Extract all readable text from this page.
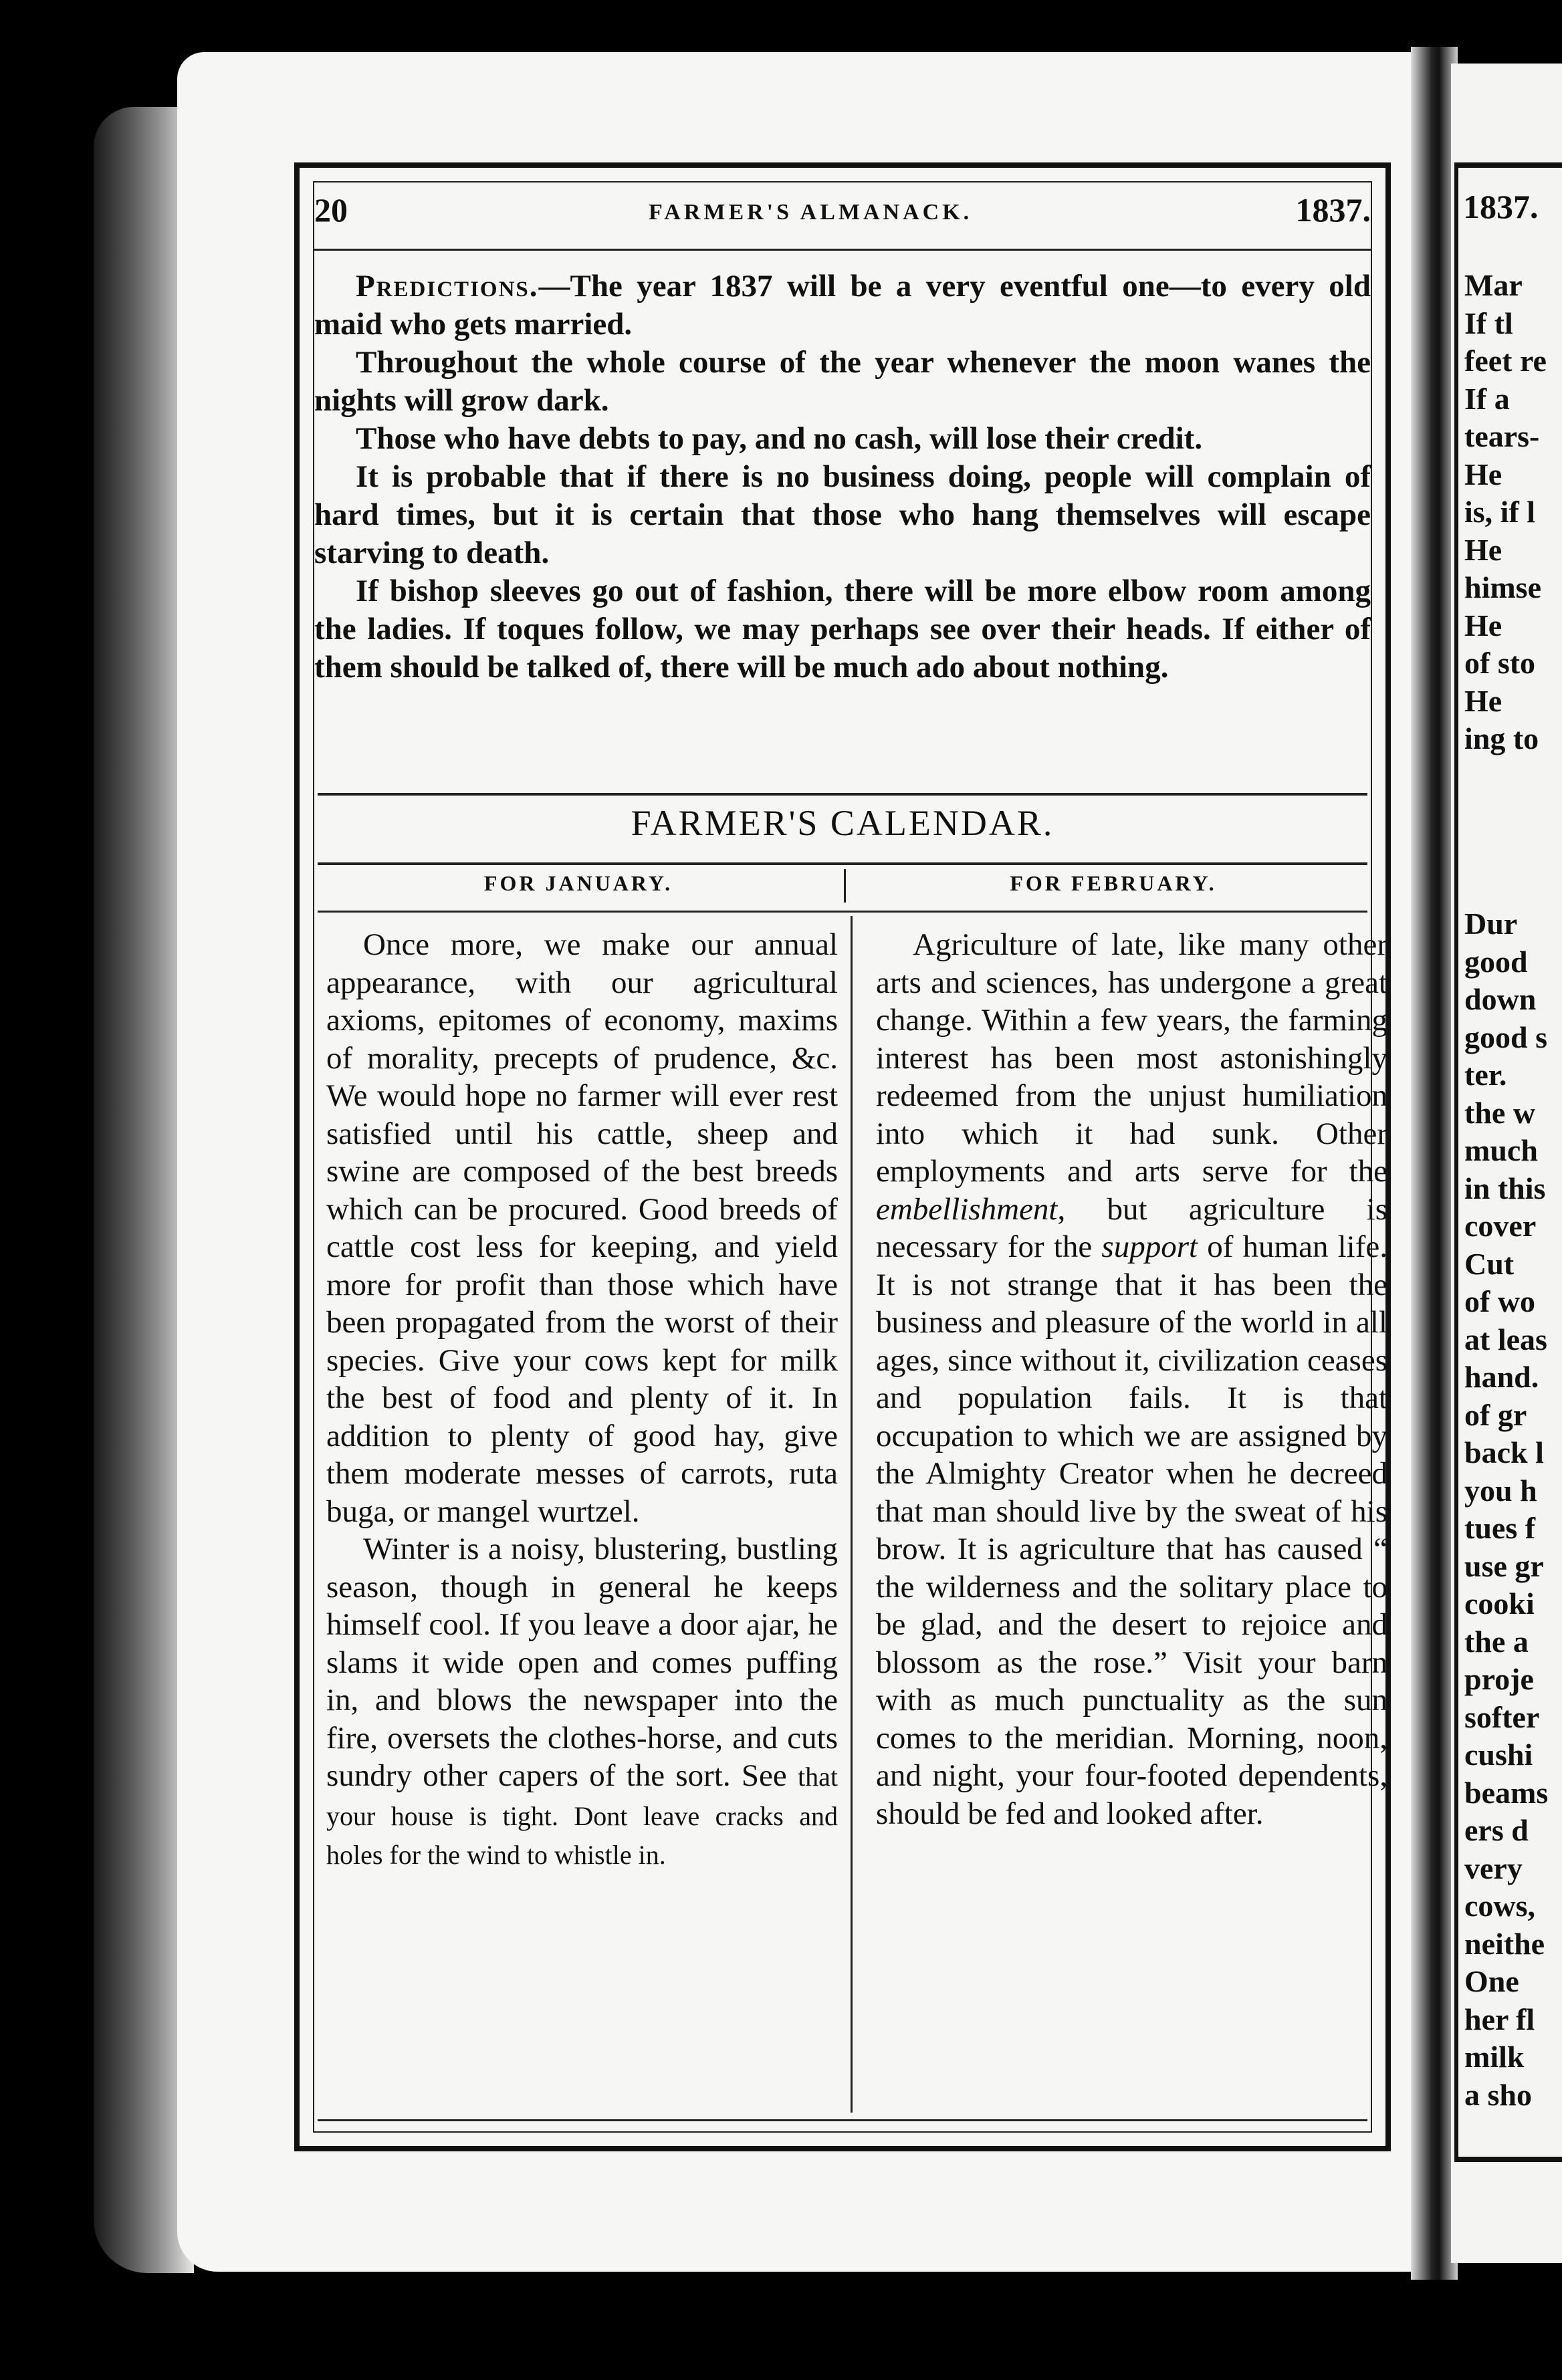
20	FARMER'S ALMANACK.	1837.

Predictions.—The year 1837 will be a very eventful one—to every old maid who gets married.

Throughout the whole course of the year whenever the moon wanes the nights will grow dark.

Those who have debts to pay, and no cash, will lose their credit.

It is probable that if there is no business doing, people will complain of hard times, but it is certain that those who hang themselves will escape starving to death.

If bishop sleeves go out of fashion, there will be more elbow room among the ladies. If toques follow, we may perhaps see over their heads. If either of them should be talked of, there will be much ado about nothing.

FARMER'S CALENDAR.
FOR JANUARY.	FOR FEBRUARY.

Once more, we make our annual appearance, with our agricultural axioms, epitomes of economy, maxims of morality, precepts of prudence, &c. We would hope no farmer will ever rest satisfied until his cattle, sheep and swine are composed of the best breeds which can be procured. Good breeds of cattle cost less for keeping, and yield more for profit than those which have been propagated from the worst of their species. Give your cows kept for milk the best of food and plenty of it. In addition to plenty of good hay, give them moderate messes of carrots, ruta buga, or mangel wurtzel.

Winter is a noisy, blustering, bustling season, though in general he keeps himself cool. If you leave a door ajar, he slams it wide open and comes puffing in, and blows the newspaper into the fire, oversets the clothes-horse, and cuts sundry other capers of the sort. See that your house is tight. Dont leave cracks and holes for the wind to whistle in.

Agriculture of late, like many other arts and sciences, has undergone a great change. Within a few years, the farming interest has been most astonishingly redeemed from the unjust humiliation into which it had sunk. Other employments and arts serve for the embellishment, but agriculture is necessary for the support of human life. It is not strange that it has been the business and pleasure of the world in all ages, since without it, civilization ceases and population fails. It is that occupation to which we are assigned by the Almighty Creator when he decreed that man should live by the sweat of his brow. It is agriculture that has caused “ the wilderness and the solitary place to be glad, and the desert to rejoice and blossom as the rose.” Visit your barn with as much punctuality as the sun comes to the meridian. Morning, noon, and night, your four-footed dependents, should be fed and looked after.

1837.
Mar
If tl
feet re
If a
tears-
He
is, if l
He
himse
He
of sto
He
ing to
Dur
good
down
good s
ter.
the w
much
in this
cover
Cut
of wo
at leas
hand.
of gr
back l
you h
tues f
use gr
cooki
the a
proje
softer
cushi
beams
ers d
very
cows,
neithe
One
her fl
milk
a sho
